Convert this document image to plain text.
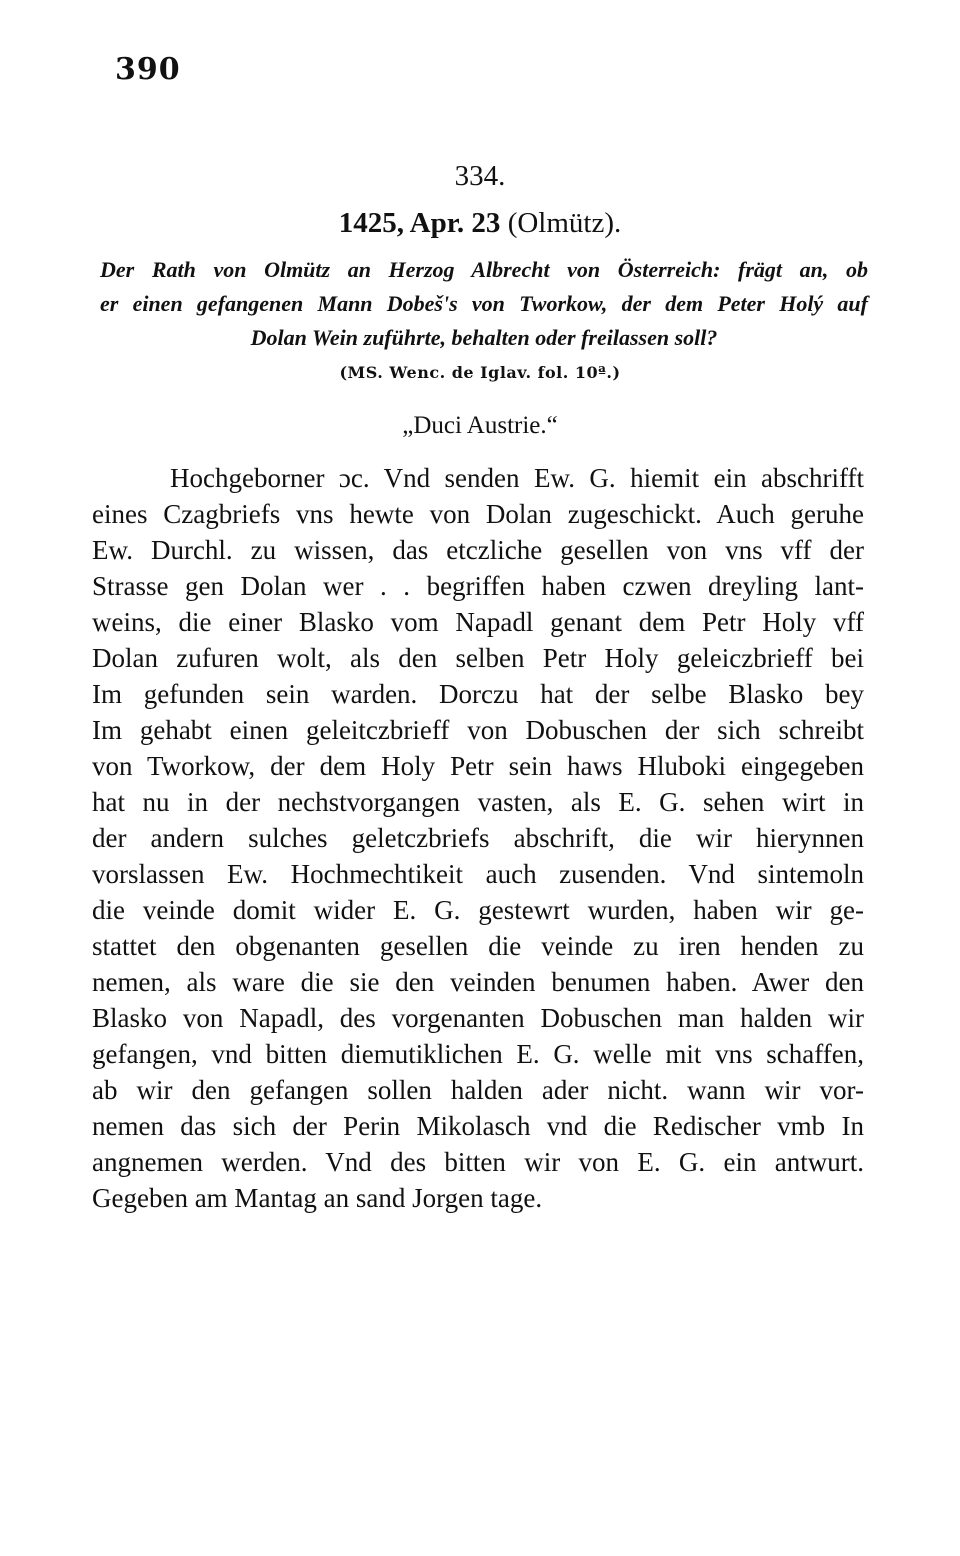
390
334.
1425, Apr. 23 (Olmütz).
Der Rath von Olmütz an Herzog Albrecht von Österreich: frägt an, ob
er einen gefangenen Mann Dobeš's von Tworkow, der dem Peter Holý auf
Dolan Wein zuführte, behalten oder freilassen soll?
(MS. Wenc. de Iglav. fol. 10ª.)
„Duci Austrie.“
Hochgeborner ɔc. Vnd senden Ew. G. hiemit ein abschrifft
eines Czagbriefs vns hewte von Dolan zugeschickt. Auch geruhe
Ew. Durchl. zu wissen, das etczliche gesellen von vns vff der
Strasse gen Dolan wer . . begriffen haben czwen dreyling lant-
weins, die einer Blasko vom Napadl genant dem Petr Holy vff
Dolan zufuren wolt, als den selben Petr Holy geleiczbrieff bei
Im gefunden sein warden. Dorczu hat der selbe Blasko bey
Im gehabt einen geleitczbrieff von Dobuschen der sich schreibt
von Tworkow, der dem Holy Petr sein haws Hluboki eingegeben
hat nu in der nechstvorgangen vasten, als E. G. sehen wirt in
der andern sulches geletczbriefs abschrift, die wir hierynnen
vorslassen Ew. Hochmechtikeit auch zusenden. Vnd sintemoln
die veinde domit wider E. G. gestewrt wurden, haben wir ge-
stattet den obgenanten gesellen die veinde zu iren henden zu
nemen, als ware die sie den veinden benumen haben. Awer den
Blasko von Napadl, des vorgenanten Dobuschen man halden wir
gefangen, vnd bitten diemutiklichen E. G. welle mit vns schaffen,
ab wir den gefangen sollen halden ader nicht. wann wir vor-
nemen das sich der Perin Mikolasch vnd die Redischer vmb In
angnemen werden. Vnd des bitten wir von E. G. ein antwurt.
Gegeben am Mantag an sand Jorgen tage.
